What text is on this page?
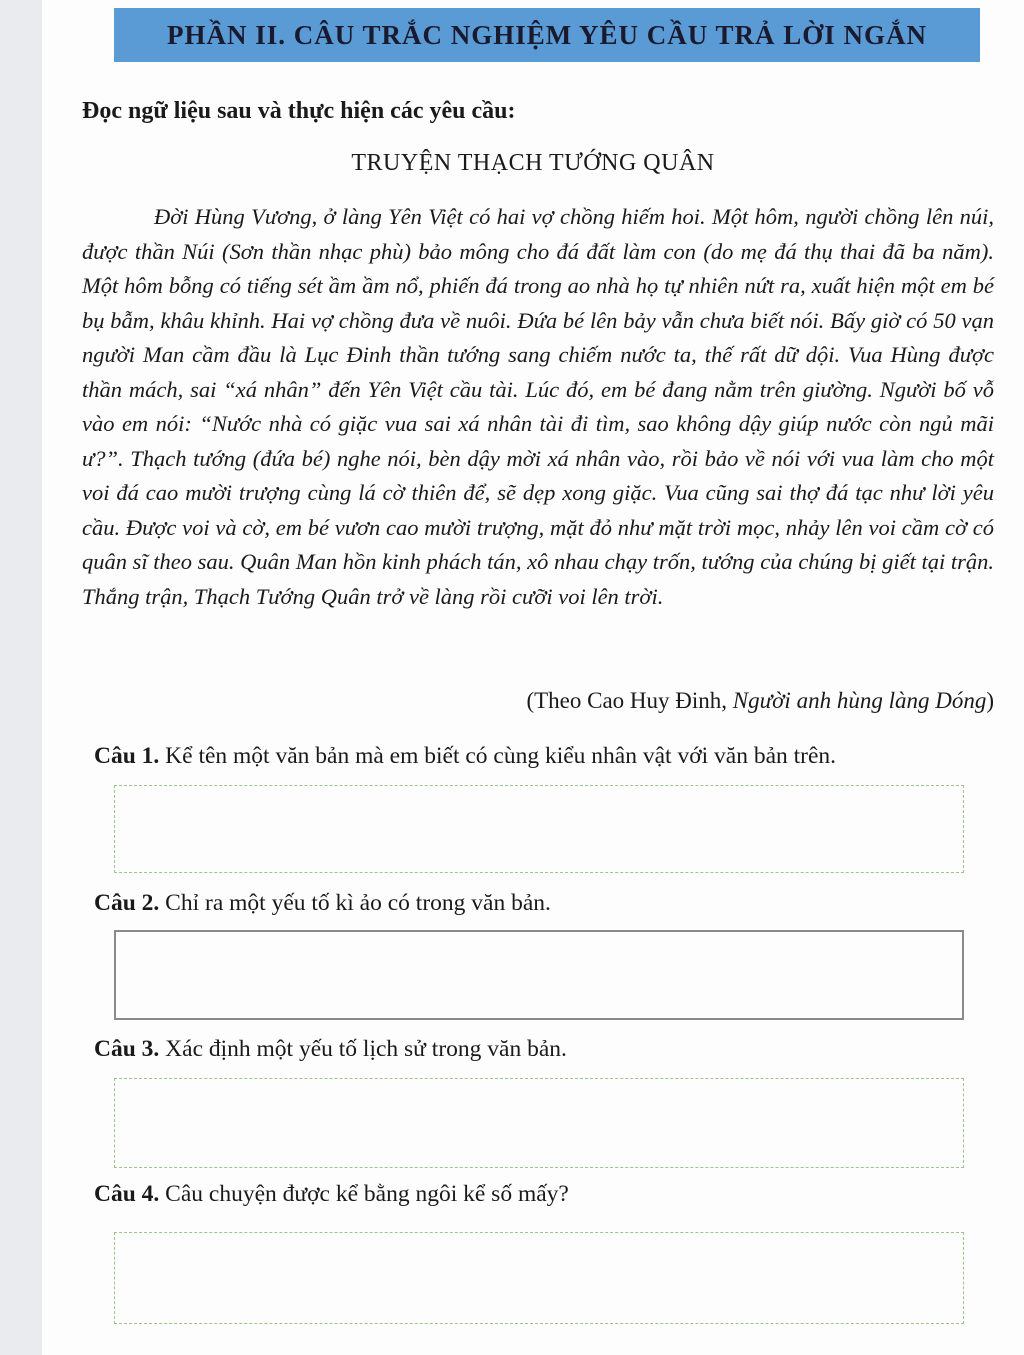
PHẦN II. CÂU TRẮC NGHIỆM YÊU CẦU TRẢ LỜI NGẮN
Đọc ngữ liệu sau và thực hiện các yêu cầu:
TRUYỆN THẠCH TƯỚNG QUÂN

Đời Hùng Vương, ở làng Yên Việt có hai vợ chồng hiếm hoi. Một hôm, người chồng lên núi, được thần Núi (Sơn thần nhạc phù) bảo mông cho đá đất làm con (do mẹ đá thụ thai đã ba năm). Một hôm bỗng có tiếng sét ầm ầm nổ, phiến đá trong ao nhà họ tự nhiên nứt ra, xuất hiện một em bé bụ bẫm, khâu khỉnh. Hai vợ chồng đưa về nuôi. Đứa bé lên bảy vẫn chưa biết nói. Bấy giờ có 50 vạn người Man cầm đầu là Lục Đinh thần tướng sang chiếm nước ta, thế rất dữ dội. Vua Hùng được thần mách, sai “xá nhân” đến Yên Việt cầu tài. Lúc đó, em bé đang nằm trên giường. Người bố vỗ vào em nói: “Nước nhà có giặc vua sai xá nhân tài đi tìm, sao không dậy giúp nước còn ngủ mãi ư?”. Thạch tướng (đứa bé) nghe nói, bèn dậy mời xá nhân vào, rồi bảo về nói với vua làm cho một voi đá cao mười trượng cùng lá cờ thiên để, sẽ dẹp xong giặc. Vua cũng sai thợ đá tạc như lời yêu cầu. Được voi và cờ, em bé vươn cao mười trượng, mặt đỏ như mặt trời mọc, nhảy lên voi cầm cờ có quân sĩ theo sau. Quân Man hồn kinh phách tán, xô nhau chạy trốn, tướng của chúng bị giết tại trận. Thắng trận, Thạch Tướng Quân trở về làng rồi cưỡi voi lên trời.

(Theo Cao Huy Đinh, Người anh hùng làng Dóng)
Câu 1. Kể tên một văn bản mà em biết có cùng kiểu nhân vật với văn bản trên.
Câu 2. Chỉ ra một yếu tố kì ảo có trong văn bản.
Câu 3. Xác định một yếu tố lịch sử trong văn bản.
Câu 4. Câu chuyện được kể bằng ngôi kể số mấy?
